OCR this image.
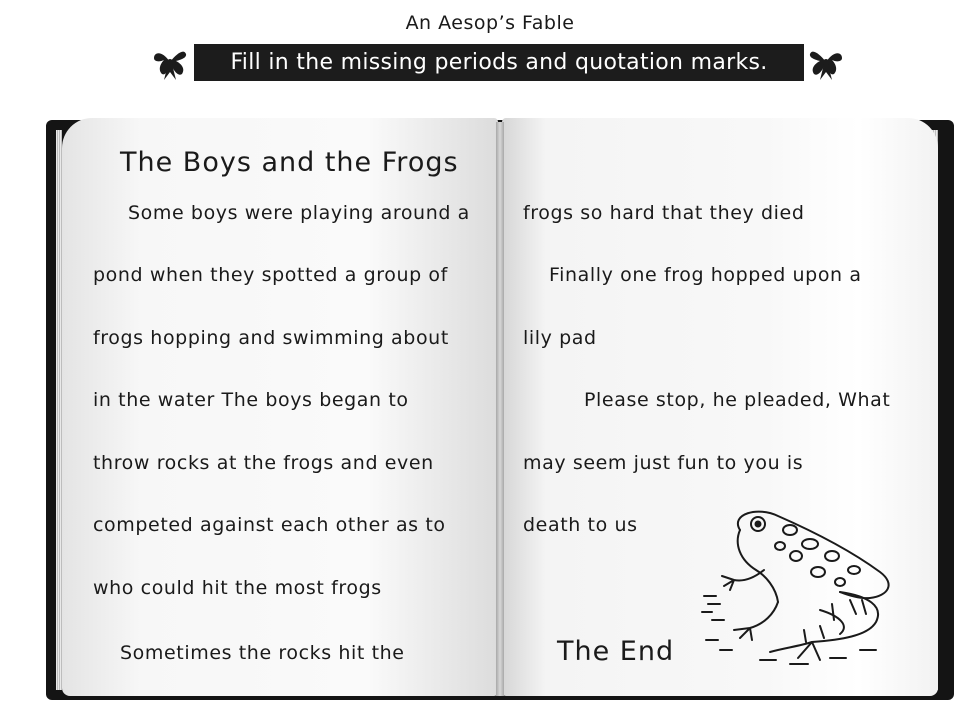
An Aesop’s Fable
Fill in the missing periods and quotation marks.
The Boys and the Frogs
Some boys were playing around a
pond when they spotted a group of
frogs hopping and swimming about
in the water The boys began to
throw rocks at the frogs and even
competed against each other as to
who could hit the most frogs
Sometimes the rocks hit the
frogs so hard that they died
Finally one frog hopped upon a
lily pad
Please stop, he pleaded, What
may seem just fun to you is
death to us
The End
